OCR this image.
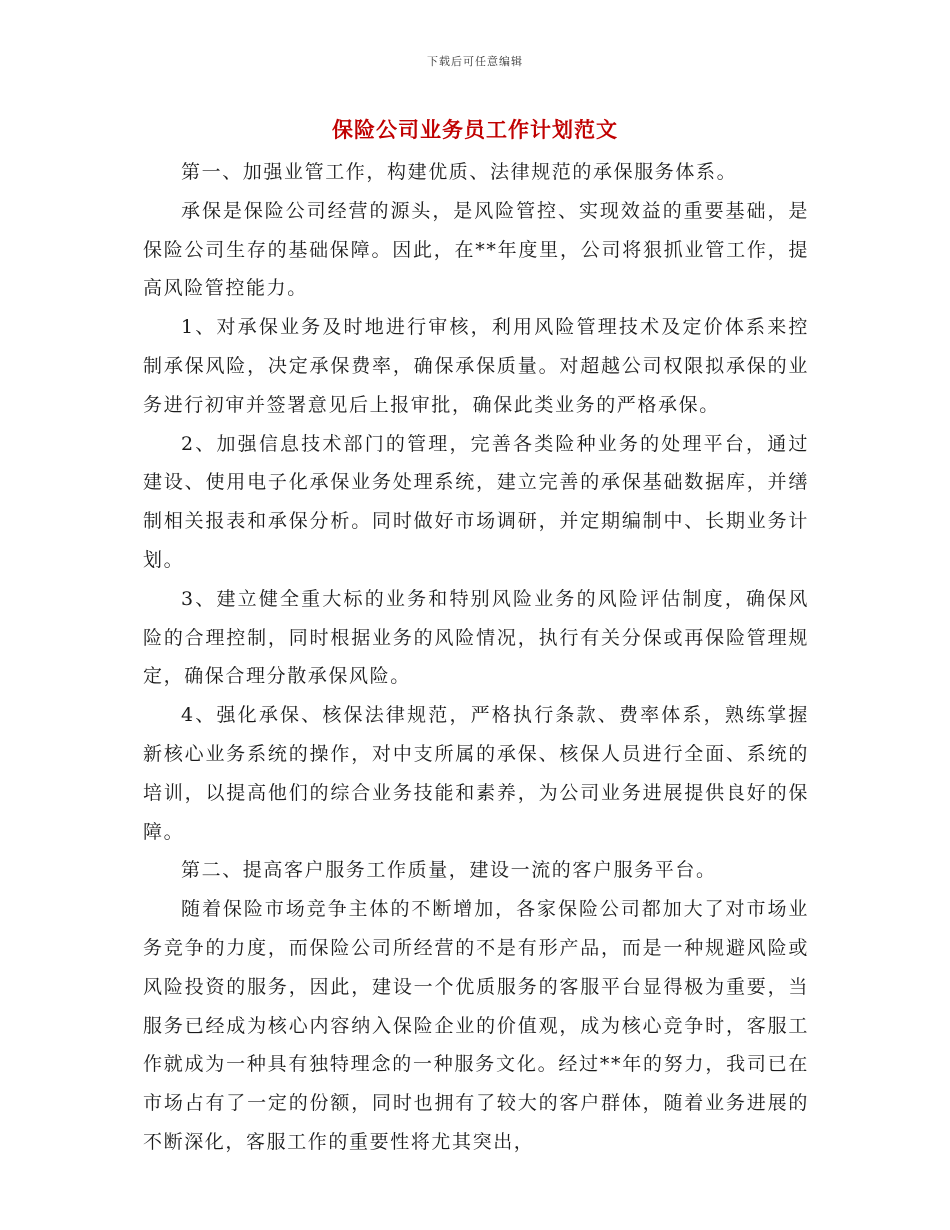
下载后可任意编辑
保险公司业务员工作计划范文

第一、加强业管工作，构建优质、法律规范的承保服务体系。

承保是保险公司经营的源头，是风险管控、实现效益的重要基础，是保险公司生存的基础保障。因此，在**年度里，公司将狠抓业管工作，提高风险管控能力。

1、对承保业务及时地进行审核，利用风险管理技术及定价体系来控制承保风险，决定承保费率，确保承保质量。对超越公司权限拟承保的业务进行初审并签署意见后上报审批，确保此类业务的严格承保。

2、加强信息技术部门的管理，完善各类险种业务的处理平台，通过建设、使用电子化承保业务处理系统，建立完善的承保基础数据库，并缮制相关报表和承保分析。同时做好市场调研，并定期编制中、长期业务计划。

3、建立健全重大标的业务和特别风险业务的风险评估制度，确保风险的合理控制，同时根据业务的风险情况，执行有关分保或再保险管理规定，确保合理分散承保风险。

4、强化承保、核保法律规范，严格执行条款、费率体系，熟练掌握新核心业务系统的操作，对中支所属的承保、核保人员进行全面、系统的培训，以提高他们的综合业务技能和素养，为公司业务进展提供良好的保障。

第二、提高客户服务工作质量，建设一流的客户服务平台。

随着保险市场竞争主体的不断增加，各家保险公司都加大了对市场业务竞争的力度，而保险公司所经营的不是有形产品，而是一种规避风险或风险投资的服务，因此，建设一个优质服务的客服平台显得极为重要，当服务已经成为核心内容纳入保险企业的价值观，成为核心竞争时，客服工作就成为一种具有独特理念的一种服务文化。经过**年的努力，我司已在市场占有了一定的份额，同时也拥有了较大的客户群体，随着业务进展的不断深化，客服工作的重要性将尤其突出，
